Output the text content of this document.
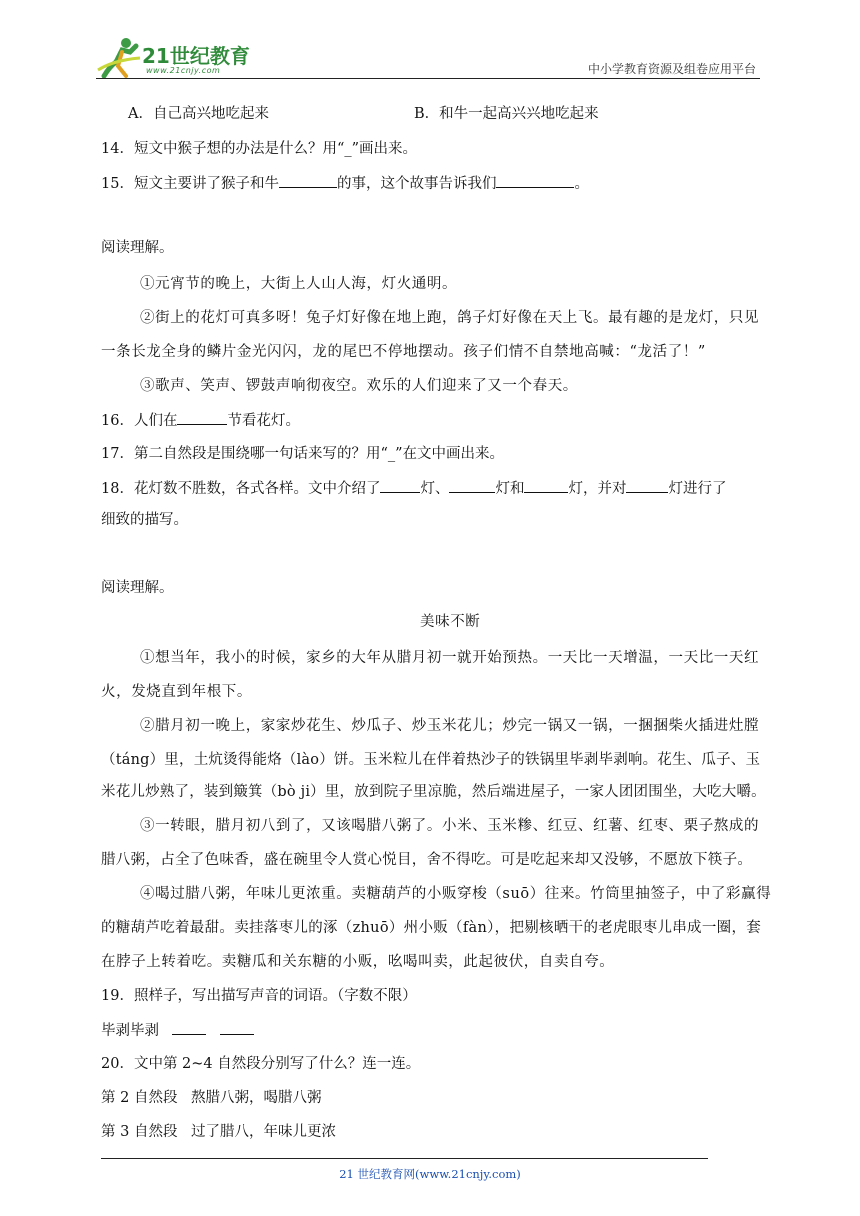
21世纪教育
www.21cnjy.com	中小学教育资源及组卷应用平台
A．自己高兴地吃起来	B．和牛一起高兴兴地吃起来
14．短文中猴子想的办法是什么？用“_”画出来。
15．短文主要讲了猴子和牛	的事，这个故事告诉我们	。
阅读理解。
①元宵节的晚上，大街上人山人海，灯火通明。
②街上的花灯可真多呀！兔子灯好像在地上跑，鸽子灯好像在天上飞。最有趣的是龙灯，只见
一条长龙全身的鳞片金光闪闪，龙的尾巴不停地摆动。孩子们情不自禁地高喊：“龙活了！”
③歌声、笑声、锣鼓声响彻夜空。欢乐的人们迎来了又一个春天。
16．人们在	节看花灯。
17．第二自然段是围绕哪一句话来写的？用“_”在文中画出来。
18．花灯数不胜数，各式各样。文中介绍了	灯、	灯和	灯，并对	灯进行了
细致的描写。
阅读理解。
美味不断
①想当年，我小的时候，家乡的大年从腊月初一就开始预热。一天比一天增温，一天比一天红
火，发烧直到年根下。
②腊月初一晚上，家家炒花生、炒瓜子、炒玉米花儿；炒完一锅又一锅，一捆捆柴火插进灶膛
（táng）里，土炕烫得能烙（lào）饼。玉米粒儿在伴着热沙子的铁锅里毕剥毕剥响。花生、瓜子、玉
米花儿炒熟了，装到簸箕（bò ji）里，放到院子里凉脆，然后端进屋子，一家人团团围坐，大吃大嚼。
③一转眼，腊月初八到了，又该喝腊八粥了。小米、玉米糁、红豆、红薯、红枣、栗子熬成的
腊八粥，占全了色味香，盛在碗里令人赏心悦目，舍不得吃。可是吃起来却又没够，不愿放下筷子。
④喝过腊八粥，年味儿更浓重。卖糖葫芦的小贩穿梭（suō）往来。竹筒里抽签子，中了彩赢得
的糖葫芦吃着最甜。卖挂落枣儿的涿（zhuō）州小贩（fàn），把剔核晒干的老虎眼枣儿串成一圈，套
在脖子上转着吃。卖糖瓜和关东糖的小贩，吆喝叫卖，此起彼伏，自卖自夸。
19．照样子，写出描写声音的词语。（字数不限）
毕剥毕剥
20．文中第 2~4 自然段分别写了什么？连一连。
第 2 自然段 熬腊八粥，喝腊八粥
第 3 自然段 过了腊八，年味儿更浓
21 世纪教育网(www.21cnjy.com)
